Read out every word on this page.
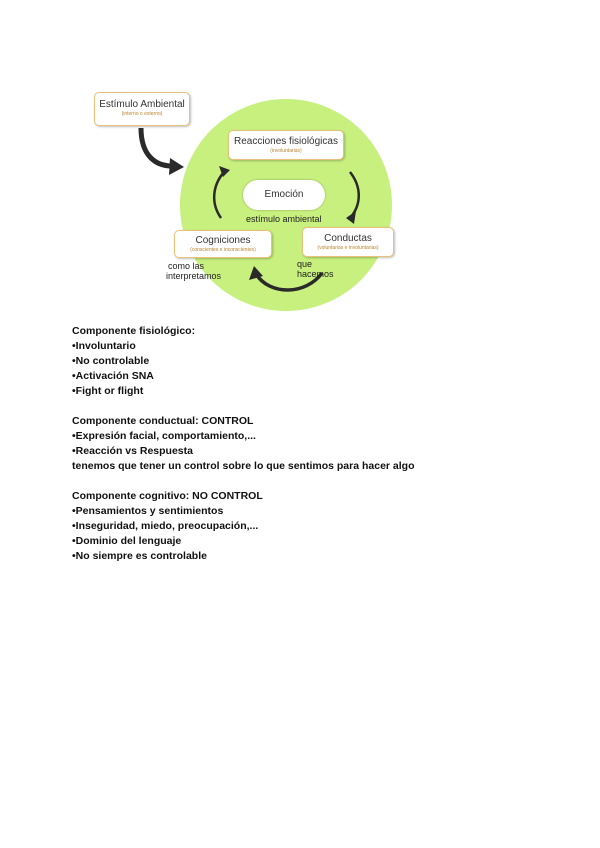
Estímulo Ambiental
(interno o externo)
Reacciones fisiológicas
(involuntarias)
Emoción
estímulo ambiental
Cogniciones
(conscientes e inconscientes)
Conductas
(voluntarias e involuntarias)
como las
interpretamos
que
hacemos
Componente fisiológico:
•Involuntario
•No controlable
•Activación SNA
•Fight or flight
Componente conductual: CONTROL
•Expresión facial, comportamiento,...
•Reacción vs Respuesta
tenemos que tener un control sobre lo que sentimos para hacer algo
Componente cognitivo: NO CONTROL
•Pensamientos y sentimientos
•Inseguridad, miedo, preocupación,...
•Dominio del lenguaje
•No siempre es controlable
